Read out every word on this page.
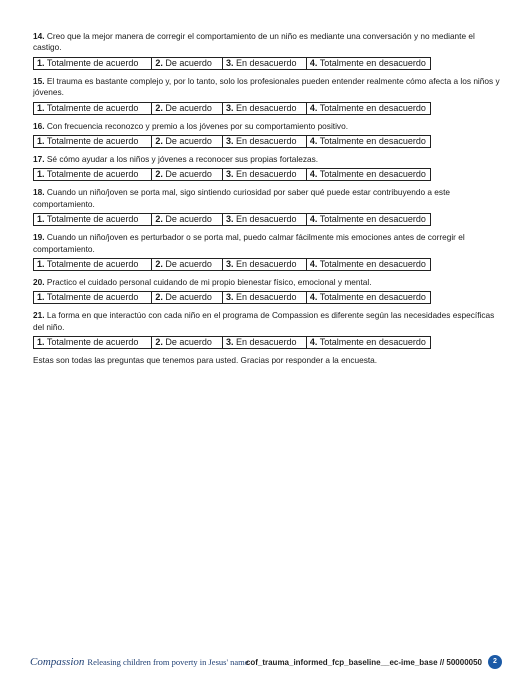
14. Creo que la mejor manera de corregir el comportamiento de un niño es mediante una conversación y no mediante el castigo.

1. Totalmente de acuerdo	2. De acuerdo	3. En desacuerdo	4. Totalmente en desacuerdo

15. El trauma es bastante complejo y, por lo tanto, solo los profesionales pueden entender realmente cómo afecta a los niños y jóvenes.

1. Totalmente de acuerdo	2. De acuerdo	3. En desacuerdo	4. Totalmente en desacuerdo

16. Con frecuencia reconozco y premio a los jóvenes por su comportamiento positivo.

1. Totalmente de acuerdo	2. De acuerdo	3. En desacuerdo	4. Totalmente en desacuerdo

17. Sé cómo ayudar a los niños y jóvenes a reconocer sus propias fortalezas.

1. Totalmente de acuerdo	2. De acuerdo	3. En desacuerdo	4. Totalmente en desacuerdo

18. Cuando un niño/joven se porta mal, sigo sintiendo curiosidad por saber qué puede estar contribuyendo a este comportamiento.

1. Totalmente de acuerdo	2. De acuerdo	3. En desacuerdo	4. Totalmente en desacuerdo

19. Cuando un niño/joven es perturbador o se porta mal, puedo calmar fácilmente mis emociones antes de corregir el comportamiento.

1. Totalmente de acuerdo	2. De acuerdo	3. En desacuerdo	4. Totalmente en desacuerdo

20. Practico el cuidado personal cuidando de mi propio bienestar físico, emocional y mental.

1. Totalmente de acuerdo	2. De acuerdo	3. En desacuerdo	4. Totalmente en desacuerdo

21. La forma en que interactúo con cada niño en el programa de Compassion es diferente según las necesidades específicas del niño.

1. Totalmente de acuerdo	2. De acuerdo	3. En desacuerdo	4. Totalmente en desacuerdo

Estas son todas las preguntas que tenemos para usted. Gracias por responder a la encuesta.

Compassion Releasing children from poverty in Jesus' name
cof_trauma_informed_fcp_baseline__ec-ime_base // 50000050	2
